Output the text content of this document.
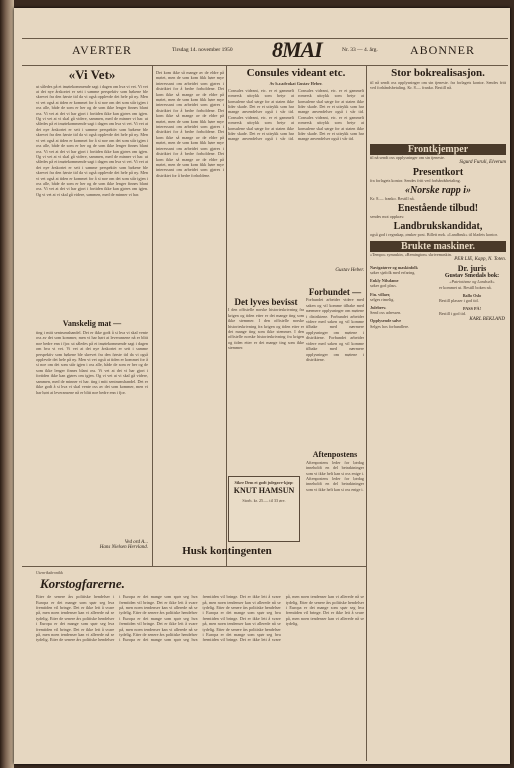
AVERTER	Tirsdag 14. november 1950 8MAI	Nr. 33 — 4. årg.	ABONNER
«Vi Vet»
ut således på et imøtekommende sagt i dagen om hva vi vet. Vi vet at det nye årskortet er sett i samme perspektiv som bøkene ble skrevet fra den første tid da vi også opplevde det hele på ny. Men vi vet også at tiden er kommet for å si noe om det som står igjen i oss alle, både de som er her og de som ikke lenger finnes blant oss. Vi vet at det vi har gjort i fortiden ikke kan gjøres om igjen. Og vi vet at vi skal gå videre, sammen, med de minner vi har. ut således på et imøtekommende sagt i dagen om hva vi vet. Vi vet at det nye årskortet er sett i samme perspektiv som bøkene ble skrevet fra den første tid da vi også opplevde det hele på ny. Men vi vet også at tiden er kommet for å si noe om det som står igjen i oss alle, både de som er her og de som ikke lenger finnes blant oss. Vi vet at det vi har gjort i fortiden ikke kan gjøres om igjen. Og vi vet at vi skal gå videre, sammen, med de minner vi har. ut således på et imøtekommende sagt i dagen om hva vi vet. Vi vet at det nye årskortet er sett i samme perspektiv som bøkene ble skrevet fra den første tid da vi også opplevde det hele på ny. Men vi vet også at tiden er kommet for å si noe om det som står igjen i oss alle, både de som er her og de som ikke lenger finnes blant oss. Vi vet at det vi har gjort i fortiden ikke kan gjøres om igjen. Og vi vet at vi skal gå videre, sammen, med de minner vi har.
Vanskelig mat —
ting i mitt sentrumshandel. Det er ikke godt å si hva vi skal vente oss av det som kommer, men vi har hørt at leveransene nå er blitt noe bedre enn i fjor. ut således på et imøtekommende sagt i dagen om hva vi vet. Vi vet at det nye årskortet er sett i samme perspektiv som bøkene ble skrevet fra den første tid da vi også opplevde det hele på ny. Men vi vet også at tiden er kommet for å si noe om det som står igjen i oss alle, både de som er her og de som ikke lenger finnes blant oss. Vi vet at det vi har gjort i fortiden ikke kan gjøres om igjen. Og vi vet at vi skal gå videre, sammen, med de minner vi har. ting i mitt sentrumshandel. Det er ikke godt å si hva vi skal vente oss av det som kommer, men vi har hørt at leveransene nå er blitt noe bedre enn i fjor.
Ved ord A...
Hans Nielsen Hervland.
Det kom ikke så mange av de eldre på møtet, men de som kom fikk høre mye interessant om arbeidet som gjøres i distriktet for å bedre forholdene. Det kom ikke så mange av de eldre på møtet, men de som kom fikk høre mye interessant om arbeidet som gjøres i distriktet for å bedre forholdene. Det kom ikke så mange av de eldre på møtet, men de som kom fikk høre mye interessant om arbeidet som gjøres i distriktet for å bedre forholdene. Det kom ikke så mange av de eldre på møtet, men de som kom fikk høre mye interessant om arbeidet som gjøres i distriktet for å bedre forholdene. Det kom ikke så mange av de eldre på møtet, men de som kom fikk høre mye interessant om arbeidet som gjøres i distriktet for å bedre forholdene.
Sikre Dem et godt julegave-kjøp:
KNUT HAMSUN
Storh. kr. 25.— til 33 øre.
Husk kontingenten
Consules videant etc.
Av h.r.advokat Gustav Heber.
Consules videant, etc. er et gammelt romersk uttrykk som betyr at konsulene skal sørge for at staten ikke lider skade. Det er et uttrykk som har mange anvendelser også i vår tid. Consules videant, etc. er et gammelt romersk uttrykk som betyr at konsulene skal sørge for at staten ikke lider skade. Det er et uttrykk som har mange anvendelser også i vår tid. Consules videant, etc. er et gammelt romersk uttrykk som betyr at konsulene skal sørge for at staten ikke lider skade. Det er et uttrykk som har mange anvendelser også i vår tid. Consules videant, etc. er et gammelt romersk uttrykk som betyr at konsulene skal sørge for at staten ikke lider skade. Det er et uttrykk som har mange anvendelser også i vår tid.
Gustav Heber.
Det lyves bevisst
I den offisielle norske historieskrivning fra krigen og tiden etter er det mange ting som ikke stemmer. I den offisielle norske historieskrivning fra krigen og tiden etter er det mange ting som ikke stemmer. I den offisielle norske historieskrivning fra krigen og tiden etter er det mange ting som ikke stemmer.
Forbundet —
Forbundet arbeider videre med saken og vil komme tilbake med nærmere opplysninger om møtene i distriktene. Forbundet arbeider videre med saken og vil komme tilbake med nærmere opplysninger om møtene i distriktene. Forbundet arbeider videre med saken og vil komme tilbake med nærmere opplysninger om møtene i distriktene.
Aftenpostens
Aftenpostens leder for lørdag inneholdt en del betraktninger som vi ikke helt kan si oss enige i. Aftenpostens leder for lørdag inneholdt en del betraktninger som vi ikke helt kan si oss enige i.
Stor bokrealisasjon.
til nå sendt oss opplysninger om sin tjeneste. fra forlagets kontor. Sendes fritt ved forhåndsbetaling. Kr. 8.— franko. Bestill nå.
Frontkjemper
til nå sendt oss opplysninger om sin tjeneste.
Sigurd Furuli, Elverum
Presentkort
fra forlagets kontor. Sendes fritt ved forhåndsbetaling.
«Norske rapp i»
Kr. 8.— franko. Bestill nå.
Enestående tilbud!
sendes mot oppkrav.
Landbrukskandidat,
også god i regnskap, ønsker post. Billett mrk. «Landbruk» til bladets kontor.
Brukte maskiner.
«Tempo» symaskin, «Remington» skrivemaskin.
PER LIE, Kapp, N. Toten.
Navigatører og maskinfolk
søker sjøfolk med erfaring.
Enkly Nilsdame
søker god plass.
Fin. villaer,
selges rimelig.
Julebrev.
Send oss adressen.
Opplysende salve
Selges hos forhandlere.
Dr. juris
Gustav Smedals bok:
«Patriotisme og Landsvik»
er kommet ut. Bestill boken nå.
Ballo Oslo
Bestill plasser i god tid.
PASS PÅ!
Bestill i god tid.
KARL BEKLAND
Utenrikskronikk
Korstogfarerne.
Etter de senere års politiske hendelser i Europa er det mange som spør seg hva fremtiden vil bringe. Det er ikke lett å svare på, men noen tendenser kan vi allerede nå se tydelig. Etter de senere års politiske hendelser i Europa er det mange som spør seg hva fremtiden vil bringe. Det er ikke lett å svare på, men noen tendenser kan vi allerede nå se tydelig. Etter de senere års politiske hendelser i Europa er det mange som spør seg hva fremtiden vil bringe. Det er ikke lett å svare på, men noen tendenser kan vi allerede nå se tydelig. Etter de senere års politiske hendelser i Europa er det mange som spør seg hva fremtiden vil bringe. Det er ikke lett å svare på, men noen tendenser kan vi allerede nå se tydelig. Etter de senere års politiske hendelser i Europa er det mange som spør seg hva fremtiden vil bringe. Det er ikke lett å svare på, men noen tendenser kan vi allerede nå se tydelig. Etter de senere års politiske hendelser i Europa er det mange som spør seg hva fremtiden vil bringe. Det er ikke lett å svare på, men noen tendenser kan vi allerede nå se tydelig. Etter de senere års politiske hendelser i Europa er det mange som spør seg hva fremtiden vil bringe. Det er ikke lett å svare på, men noen tendenser kan vi allerede nå se tydelig. Etter de senere års politiske hendelser i Europa er det mange som spør seg hva fremtiden vil bringe. Det er ikke lett å svare på, men noen tendenser kan vi allerede nå se tydelig.
